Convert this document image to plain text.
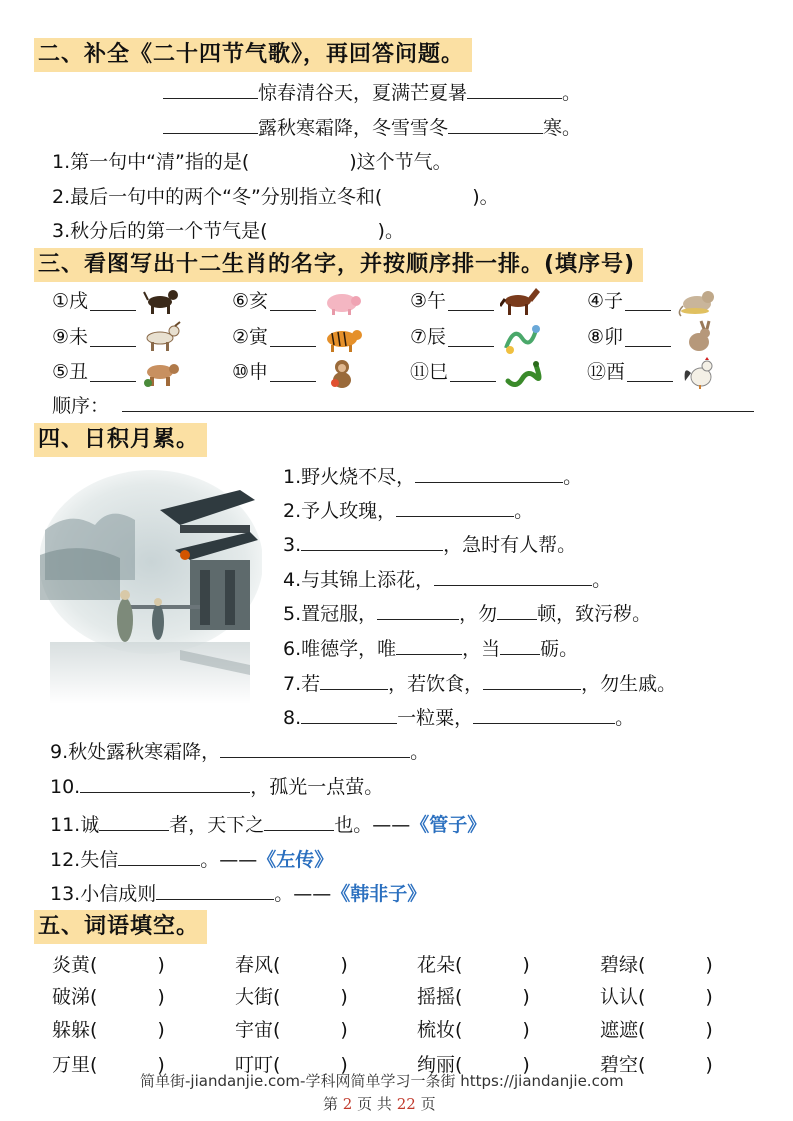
二、补全《二十四节气歌》，再回答问题。
惊春清谷天，夏满芒夏暑	。
露秋寒霜降，冬雪雪冬	寒。
1.第一句中“清”指的是(	)这个节气。
2.最后一句中的两个“冬”分别指立冬和(	)。
3.秋分后的第一个节气是(	)。
三、看图写出十二生肖的名字，并按顺序排一排。(填序号)
①戌	⑥亥	③午	④子
⑨未	②寅	⑦辰	⑧卯
⑤丑	⑩申	⑪巳	⑫酉
顺序：
四、日积月累。
1.野火烧不尽，	。
2.予人玫瑰，	。
3.	，急时有人帮。
4.与其锦上添花，	。
5.置冠服，	，勿 顿，致污秽。
6.唯德学，唯	，当 砺。
7.若	，若饮食，	，勿生戚。
8.	一粒粟，	。
9.秋处露秋寒霜降，	。
10.	，孤光一点萤。
11.诚	者，天下之	也。——《管子》
12.失信	。——《左传》
13.小信成则	。——《韩非子》
五、词语填空。
炎黄(	)	春风(	)	花朵(	)	碧绿(	)
破涕(	)	大街(	)	摇摇(	)	认认(	)
躲躲(	)	宇宙(	)	梳妆(	)	遮遮(	)
万里(	)	叮叮(	)	绚丽(	)	碧空(	)
简单街-jiandanjie.com-学科网简单学习一条街 https://jiandanjie.com
第 2 页 共 22 页
